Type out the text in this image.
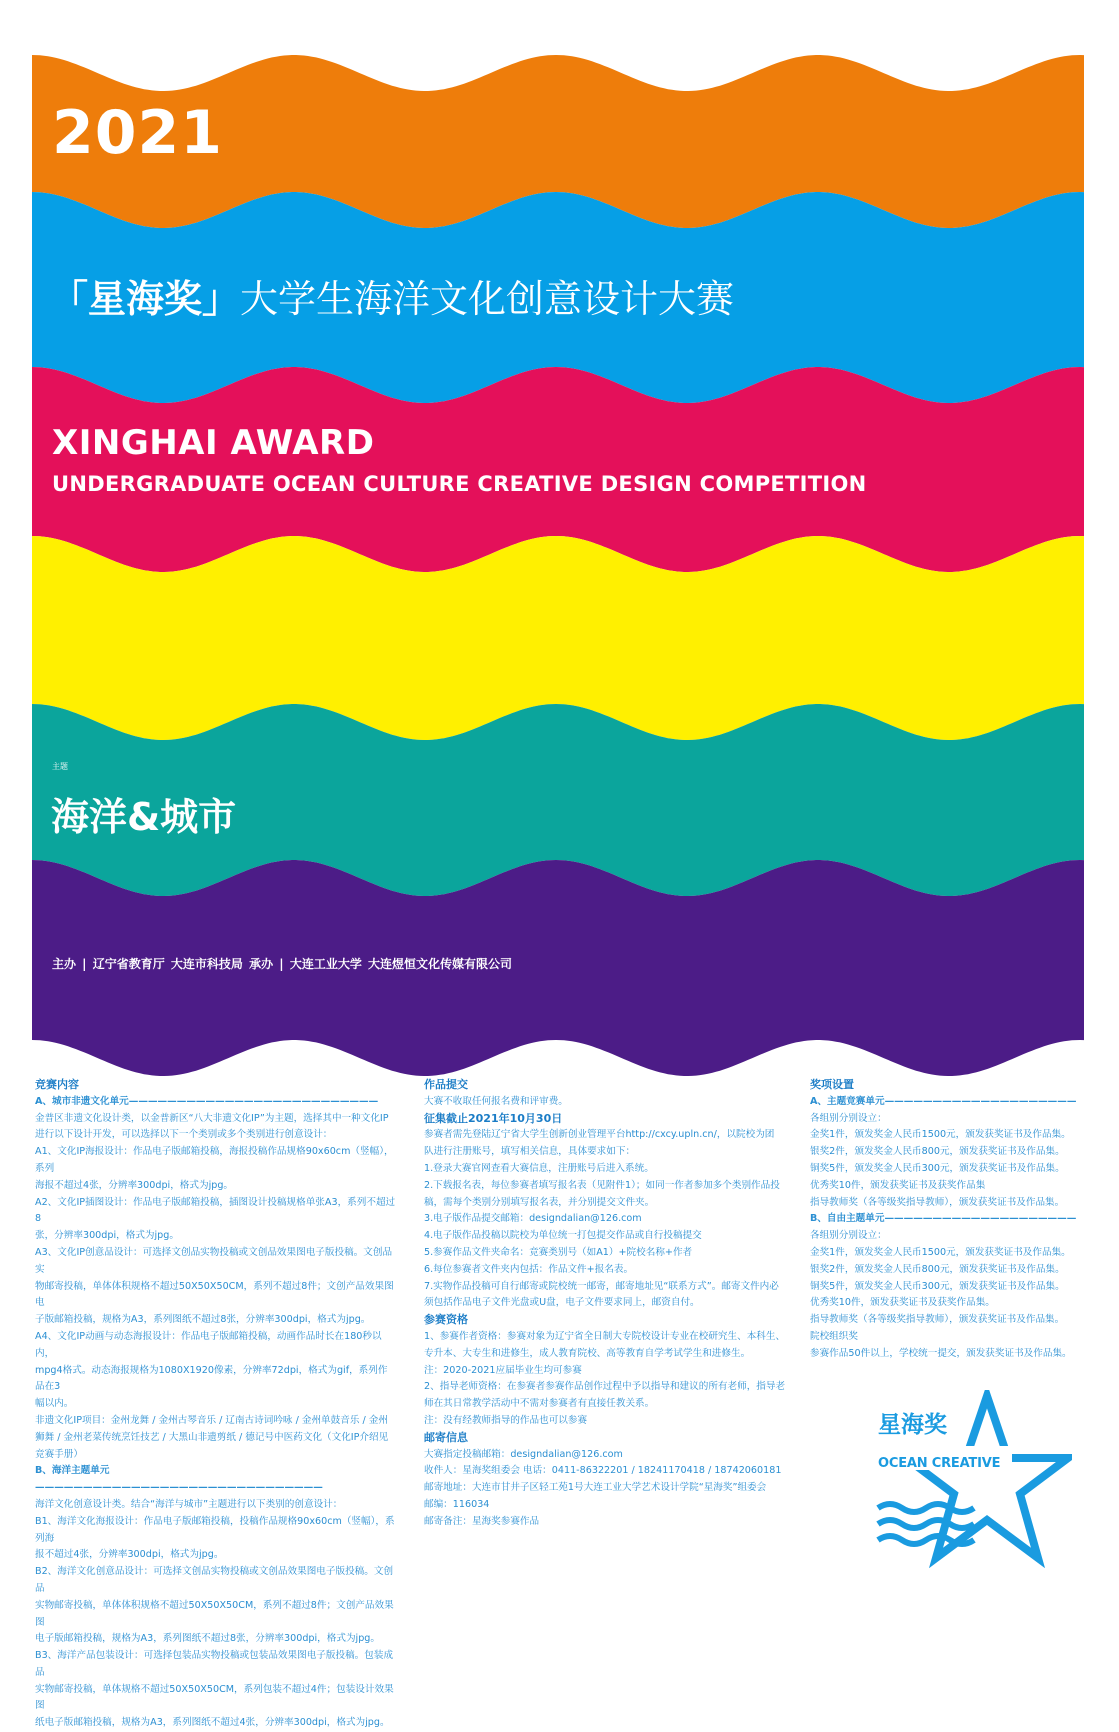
2021
「星海奖」大学生海洋文化创意设计大赛
XINGHAI AWARD
UNDERGRADUATE OCEAN CULTURE CREATIVE DESIGN COMPETITION
主题
海洋&城市
主办 | 辽宁省教育厅 大连市科技局 承办 | 大连工业大学 大连煜恒文化传媒有限公司

竞赛内容

A、城市非遗文化单元——————————————————————————

金普区非遗文化设计类，以金普新区“八大非遗文化IP”为主题，选择其中一种文化IP

进行以下设计开发，可以选择以下一个类别或多个类别进行创意设计：

A1、文化IP海报设计：作品电子版邮箱投稿，海报投稿作品规格90x60cm（竖幅），系列

海报不超过4张，分辨率300dpi，格式为jpg。

A2、文化IP插图设计：作品电子版邮箱投稿，插图设计投稿规格单张A3，系列不超过8

张，分辨率300dpi，格式为jpg。

A3、文化IP创意品设计：可选择文创品实物投稿或文创品效果图电子版投稿。文创品实

物邮寄投稿，单体体积规格不超过50X50X50CM，系列不超过8件；文创产品效果图电

子版邮箱投稿，规格为A3，系列图纸不超过8张，分辨率300dpi，格式为jpg。

A4、文化IP动画与动态海报设计：作品电子版邮箱投稿，动画作品时长在180秒以内，

mpg4格式。动态海报规格为1080X1920像素，分辨率72dpi，格式为gif，系列作品在3

幅以内。

非遗文化IP项目：金州龙舞 / 金州古琴音乐 / 辽南古诗词吟咏 / 金州单鼓音乐 / 金州

狮舞 / 金州老菜传统烹饪技艺 / 大黑山非遗剪纸 / 德记号中医药文化（文化IP介绍见

竞赛手册）

B、海洋主题单元——————————————————————————————

海洋文化创意设计类。结合“海洋与城市”主题进行以下类别的创意设计：

B1、海洋文化海报设计：作品电子版邮箱投稿，投稿作品规格90x60cm（竖幅），系列海

报不超过4张，分辨率300dpi，格式为jpg。

B2、海洋文化创意品设计：可选择文创品实物投稿或文创品效果图电子版投稿。文创品

实物邮寄投稿，单体体积规格不超过50X50X50CM，系列不超过8件；文创产品效果图

电子版邮箱投稿，规格为A3，系列图纸不超过8张，分辨率300dpi，格式为jpg。

B3、海洋产品包装设计：可选择包装品实物投稿或包装品效果图电子版投稿。包装成品

实物邮寄投稿，单体规格不超过50X50X50CM，系列包装不超过4件；包装设计效果图

纸电子版邮箱投稿，规格为A3，系列图纸不超过4张，分辨率300dpi，格式为jpg。

作品提交

大赛不收取任何报名费和评审费。

征集截止2021年10月30日

参赛者需先登陆辽宁省大学生创新创业管理平台http://cxcy.upln.cn/，以院校为团

队进行注册账号，填写相关信息，具体要求如下：

1.登录大赛官网查看大赛信息，注册账号后进入系统。

2.下载报名表，每位参赛者填写报名表（见附件1）；如同一作者参加多个类别作品投

稿，需每个类别分别填写报名表，并分别提交文件夹。

3.电子版作品提交邮箱：designdalian@126.com

4.电子版作品投稿以院校为单位统一打包提交作品或自行投稿提交

5.参赛作品文件夹命名：竞赛类别号（如A1）+院校名称+作者

6.每位参赛者文件夹内包括：作品文件+报名表。

7.实物作品投稿可自行邮寄或院校统一邮寄，邮寄地址见“联系方式”。邮寄文件内必

须包括作品电子文件光盘或U盘，电子文件要求同上，邮资自付。

参赛资格

1、参赛作者资格：参赛对象为辽宁省全日制大专院校设计专业在校研究生、本科生、

专升本、大专生和进修生，成人教育院校、高等教育自学考试学生和进修生。

注：2020-2021应届毕业生均可参赛

2、指导老师资格：在参赛者参赛作品创作过程中予以指导和建议的所有老师，指导老

师在其日常教学活动中不需对参赛者有直接任教关系。

注：没有经教师指导的作品也可以参赛

邮寄信息

大赛指定投稿邮箱：designdalian@126.com

收件人：星海奖组委会 电话：0411-86322201 / 18241170418 / 18742060181

邮寄地址：大连市甘井子区轻工苑1号大连工业大学艺术设计学院“星海奖”组委会

邮编：116034

邮寄备注：星海奖参赛作品

奖项设置

A、主题竞赛单元————————————————————

各组别分别设立：

金奖1件，颁发奖金人民币1500元，颁发获奖证书及作品集。

银奖2件，颁发奖金人民币800元，颁发获奖证书及作品集。

铜奖5件，颁发奖金人民币300元，颁发获奖证书及作品集。

优秀奖10件，颁发获奖证书及获奖作品集

指导教师奖（各等级奖指导教师），颁发获奖证书及作品集。

B、自由主题单元————————————————————

各组别分别设立：

金奖1件，颁发奖金人民币1500元，颁发获奖证书及作品集。

银奖2件，颁发奖金人民币800元，颁发获奖证书及作品集。

铜奖5件，颁发奖金人民币300元，颁发获奖证书及作品集。

优秀奖10件，颁发获奖证书及获奖作品集。

指导教师奖（各等级奖指导教师），颁发获奖证书及作品集。

院校组织奖

参赛作品50件以上，学校统一提交，颁发获奖证书及作品集。

星海奖
OCEAN CREATIVE
